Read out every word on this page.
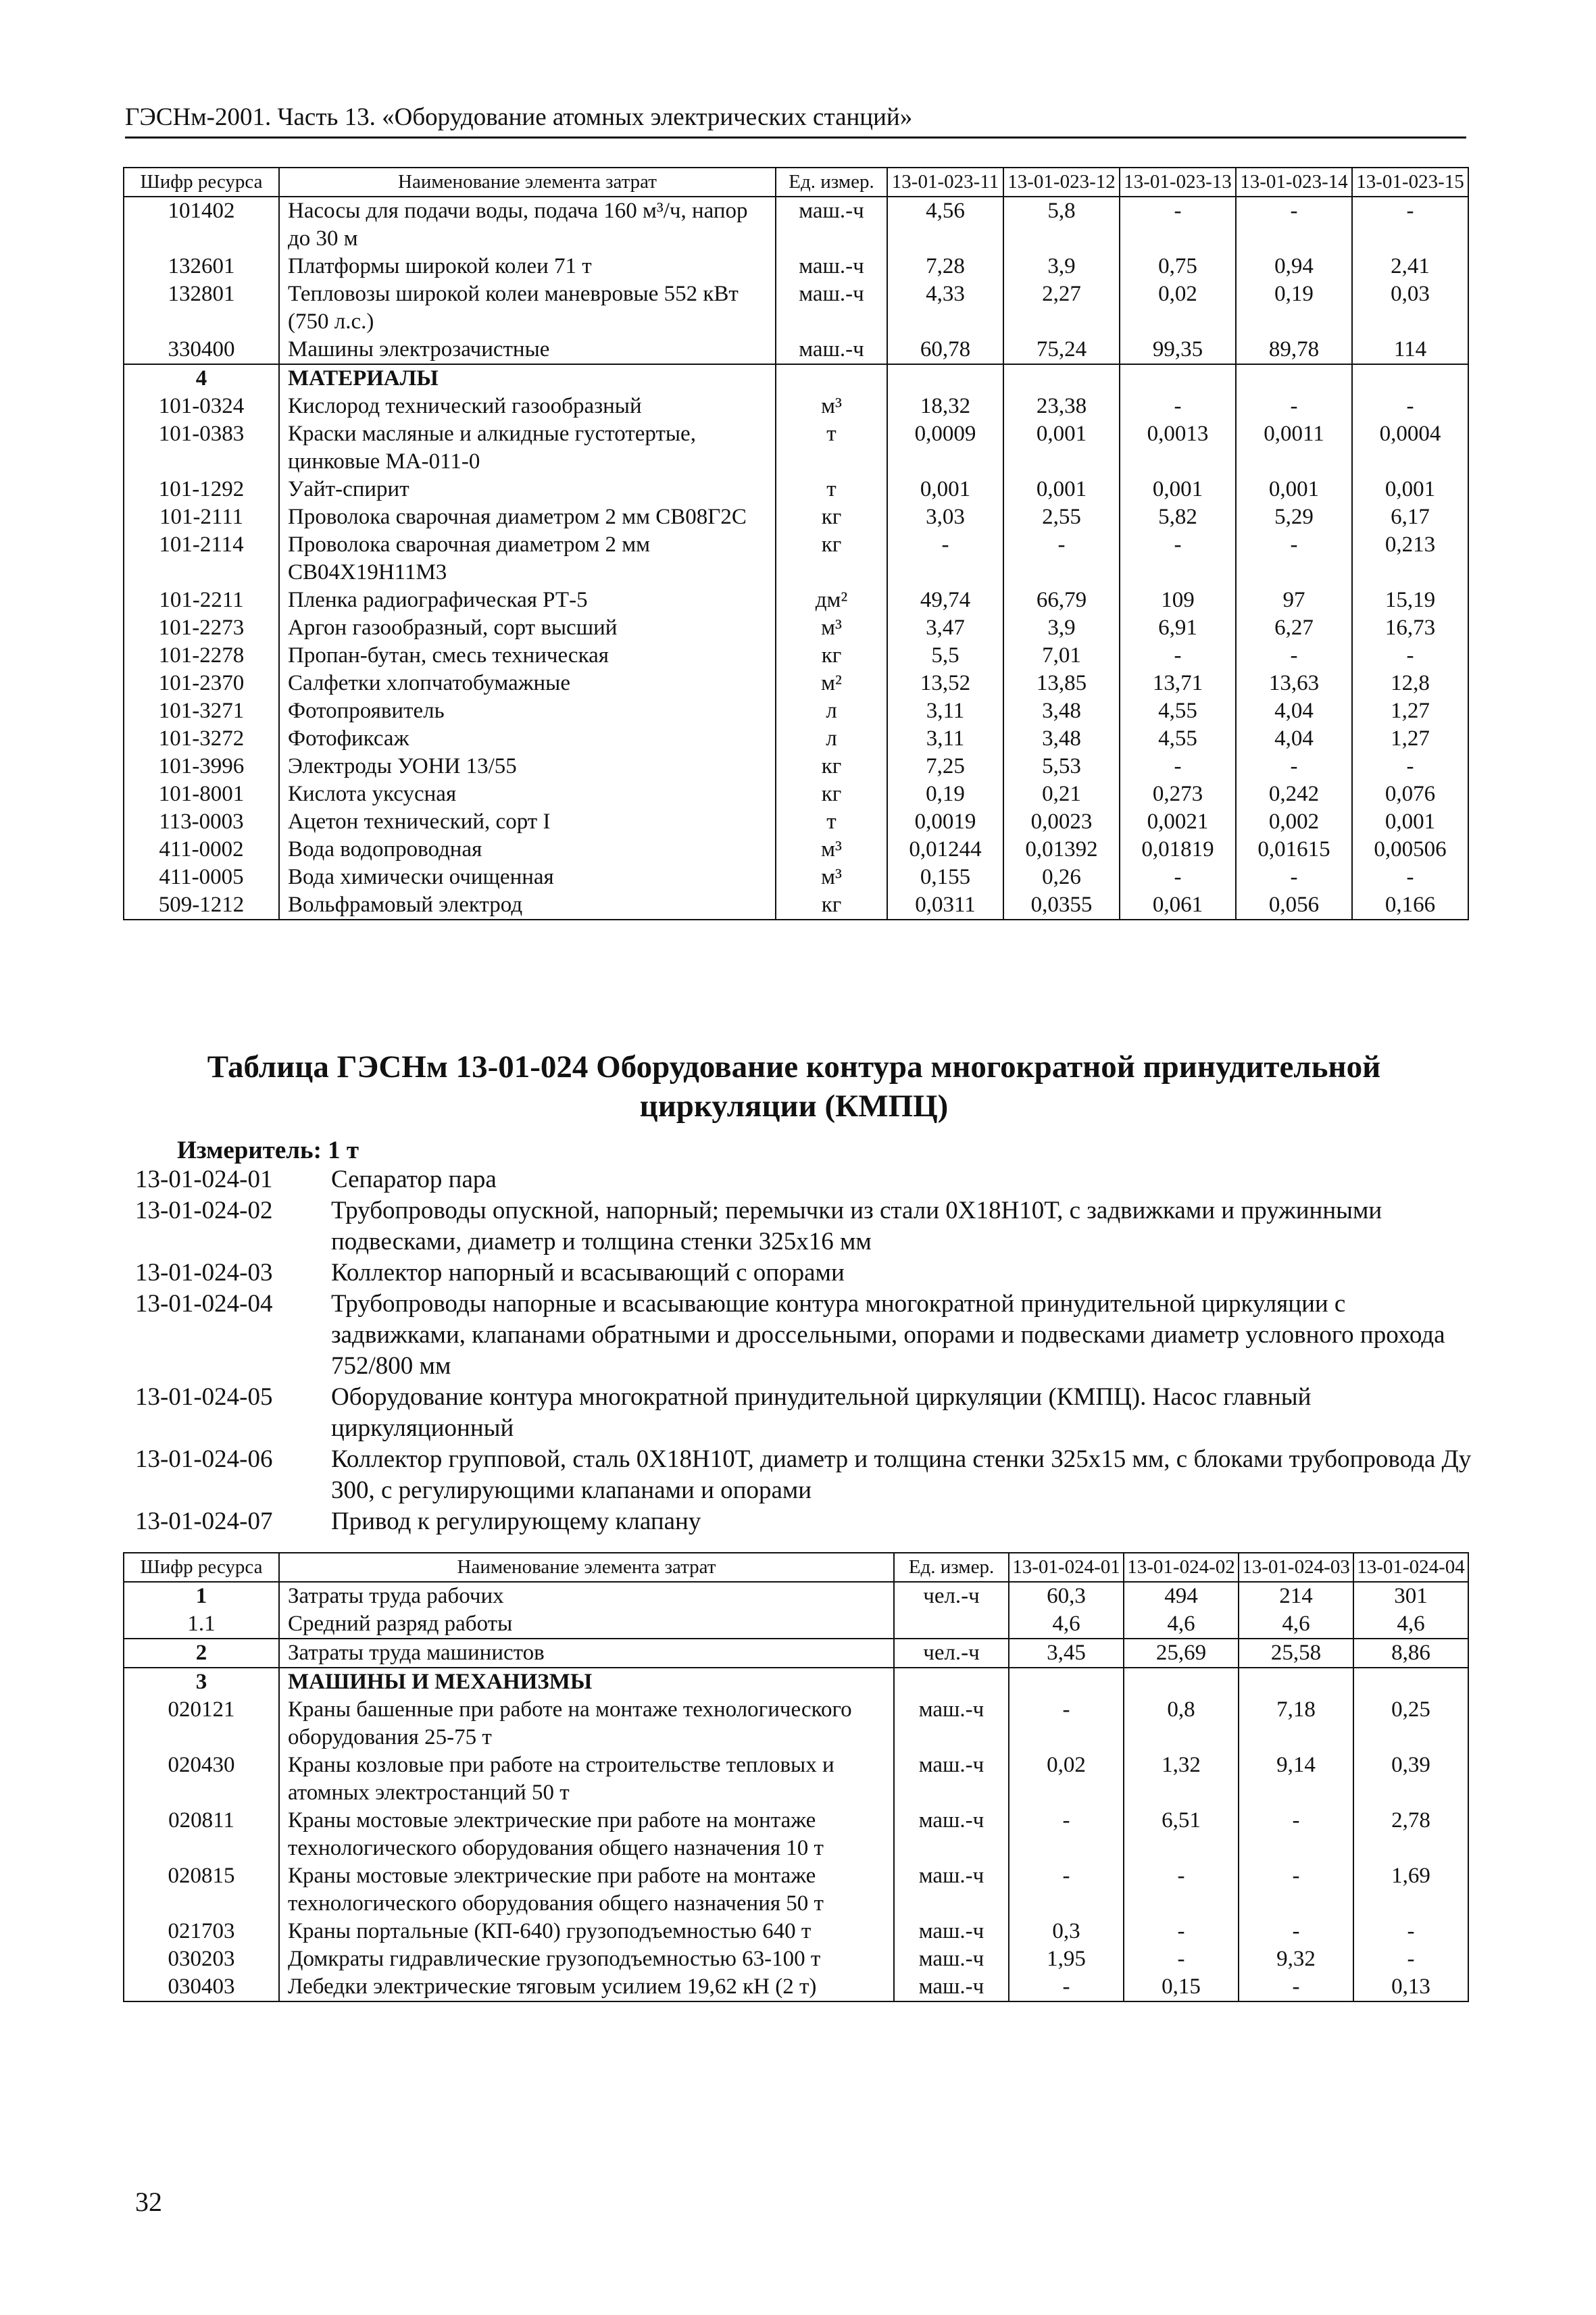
ГЭСНм-2001. Часть 13. «Оборудование атомных электрических станций»
Шифр ресурса	Наименование элемента затрат	Ед. измер.	13-01-023-11	13-01-023-12	13-01-023-13	13-01-023-14	13-01-023-15
101402	Насосы для подачи воды, подача 160 м³/ч, напор до 30 м	маш.-ч	4,56	5,8	-	-	-
132601	Платформы широкой колеи 71 т	маш.-ч	7,28	3,9	0,75	0,94	2,41
132801	Тепловозы широкой колеи маневровые 552 кВт (750 л.с.)	маш.-ч	4,33	2,27	0,02	0,19	0,03
330400	Машины электрозачистные	маш.-ч	60,78	75,24	99,35	89,78	114
4	МАТЕРИАЛЫ						
101-0324	Кислород технический газообразный	м³	18,32	23,38	-	-	-
101-0383	Краски масляные и алкидные густотертые, цинковые МА-011-0	т	0,0009	0,001	0,0013	0,0011	0,0004
101-1292	Уайт-спирит	т	0,001	0,001	0,001	0,001	0,001
101-2111	Проволока сварочная диаметром 2 мм СВ08Г2С	кг	3,03	2,55	5,82	5,29	6,17
101-2114	Проволока сварочная диаметром 2 мм СВ04Х19Н11М3	кг	-	-	-	-	0,213
101-2211	Пленка радиографическая РТ-5	дм²	49,74	66,79	109	97	15,19
101-2273	Аргон газообразный, сорт высший	м³	3,47	3,9	6,91	6,27	16,73
101-2278	Пропан-бутан, смесь техническая	кг	5,5	7,01	-	-	-
101-2370	Салфетки хлопчатобумажные	м²	13,52	13,85	13,71	13,63	12,8
101-3271	Фотопроявитель	л	3,11	3,48	4,55	4,04	1,27
101-3272	Фотофиксаж	л	3,11	3,48	4,55	4,04	1,27
101-3996	Электроды УОНИ 13/55	кг	7,25	5,53	-	-	-
101-8001	Кислота уксусная	кг	0,19	0,21	0,273	0,242	0,076
113-0003	Ацетон технический, сорт I	т	0,0019	0,0023	0,0021	0,002	0,001
411-0002	Вода водопроводная	м³	0,01244	0,01392	0,01819	0,01615	0,00506
411-0005	Вода химически очищенная	м³	0,155	0,26	-	-	-
509-1212	Вольфрамовый электрод	кг	0,0311	0,0355	0,061	0,056	0,166
Таблица ГЭСНм 13-01-024 Оборудование контура многократной принудительной циркуляции (КМПЦ)
Измеритель: 1 т
13-01-024-01	Сепаратор пара
13-01-024-02	Трубопроводы опускной, напорный; перемычки из стали 0Х18Н10Т, с задвижками и пружинными подвесками, диаметр и толщина стенки 325х16 мм
13-01-024-03	Коллектор напорный и всасывающий с опорами
13-01-024-04	Трубопроводы напорные и всасывающие контура многократной принудительной циркуляции с задвижками, клапанами обратными и дроссельными, опорами и подвесками диаметр условного прохода 752/800 мм
13-01-024-05	Оборудование контура многократной принудительной циркуляции (КМПЦ). Насос главный циркуляционный
13-01-024-06	Коллектор групповой, сталь 0Х18Н10Т, диаметр и толщина стенки 325х15 мм, с блоками трубопровода Ду 300, с регулирующими клапанами и опорами
13-01-024-07	Привод к регулирующему клапану
Шифр ресурса	Наименование элемента затрат	Ед. измер.	13-01-024-01	13-01-024-02	13-01-024-03	13-01-024-04
1	Затраты труда рабочих	чел.-ч	60,3	494	214	301
1.1	Средний разряд работы		4,6	4,6	4,6	4,6
2	Затраты труда машинистов	чел.-ч	3,45	25,69	25,58	8,86
3	МАШИНЫ И МЕХАНИЗМЫ					
020121	Краны башенные при работе на монтаже технологического оборудования 25-75 т	маш.-ч	-	0,8	7,18	0,25
020430	Краны козловые при работе на строительстве тепловых и атомных электростанций 50 т	маш.-ч	0,02	1,32	9,14	0,39
020811	Краны мостовые электрические при работе на монтаже технологического оборудования общего назначения 10 т	маш.-ч	-	6,51	-	2,78
020815	Краны мостовые электрические при работе на монтаже технологического оборудования общего назначения 50 т	маш.-ч	-	-	-	1,69
021703	Краны портальные (КП-640) грузоподъемностью 640 т	маш.-ч	0,3	-	-	-
030203	Домкраты гидравлические грузоподъемностью 63-100 т	маш.-ч	1,95	-	9,32	-
030403	Лебедки электрические тяговым усилием 19,62 кН (2 т)	маш.-ч	-	0,15	-	0,13
32
